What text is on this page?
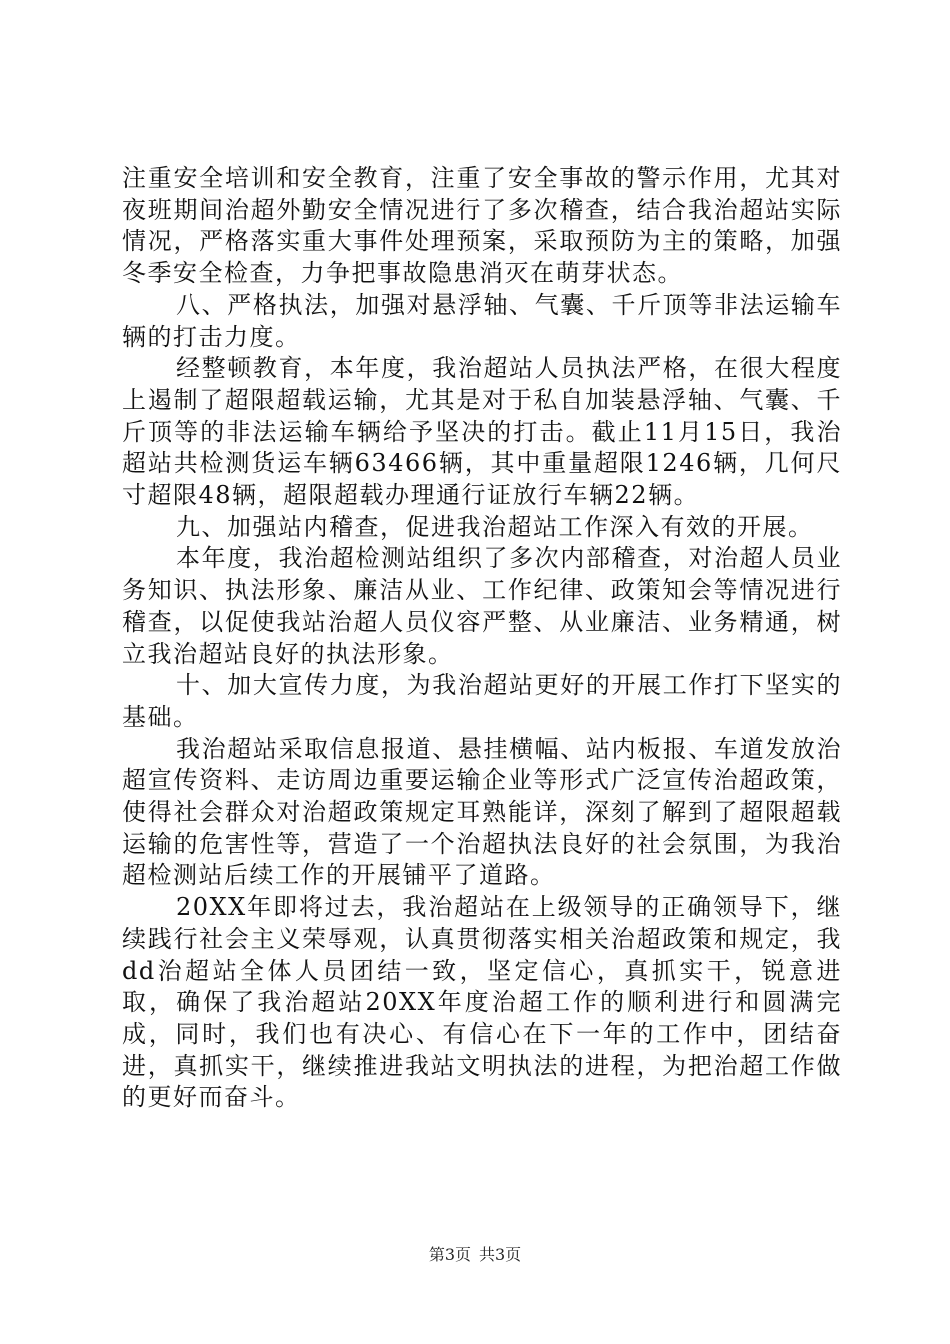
注重安全培训和安全教育，注重了安全事故的警示作用，尤其对夜班期间治超外勤安全情况进行了多次稽查，结合我治超站实际情况，严格落实重大事件处理预案，采取预防为主的策略，加强冬季安全检查，力争把事故隐患消灭在萌芽状态。

八、严格执法，加强对悬浮轴、气囊、千斤顶等非法运输车辆的打击力度。

经整顿教育，本年度，我治超站人员执法严格，在很大程度上遏制了超限超载运输，尤其是对于私自加装悬浮轴、气囊、千斤顶等的非法运输车辆给予坚决的打击。截止11月15日，我治超站共检测货运车辆63466辆，其中重量超限1246辆，几何尺寸超限48辆，超限超载办理通行证放行车辆22辆。

九、加强站内稽查，促进我治超站工作深入有效的开展。

本年度，我治超检测站组织了多次内部稽查，对治超人员业务知识、执法形象、廉洁从业、工作纪律、政策知会等情况进行稽查，以促使我站治超人员仪容严整、从业廉洁、业务精通，树立我治超站良好的执法形象。

十、加大宣传力度，为我治超站更好的开展工作打下坚实的基础。

我治超站采取信息报道、悬挂横幅、站内板报、车道发放治超宣传资料、走访周边重要运输企业等形式广泛宣传治超政策，使得社会群众对治超政策规定耳熟能详，深刻了解到了超限超载运输的危害性等，营造了一个治超执法良好的社会氛围，为我治超检测站后续工作的开展铺平了道路。

20XX年即将过去，我治超站在上级领导的正确领导下，继续践行社会主义荣辱观，认真贯彻落实相关治超政策和规定，我dd治超站全体人员团结一致，坚定信心，真抓实干，锐意进取，确保了我治超站20XX年度治超工作的顺利进行和圆满完成，同时，我们也有决心、有信心在下一年的工作中，团结奋进，真抓实干，继续推进我站文明执法的进程，为把治超工作做的更好而奋斗。

第3页 共3页
